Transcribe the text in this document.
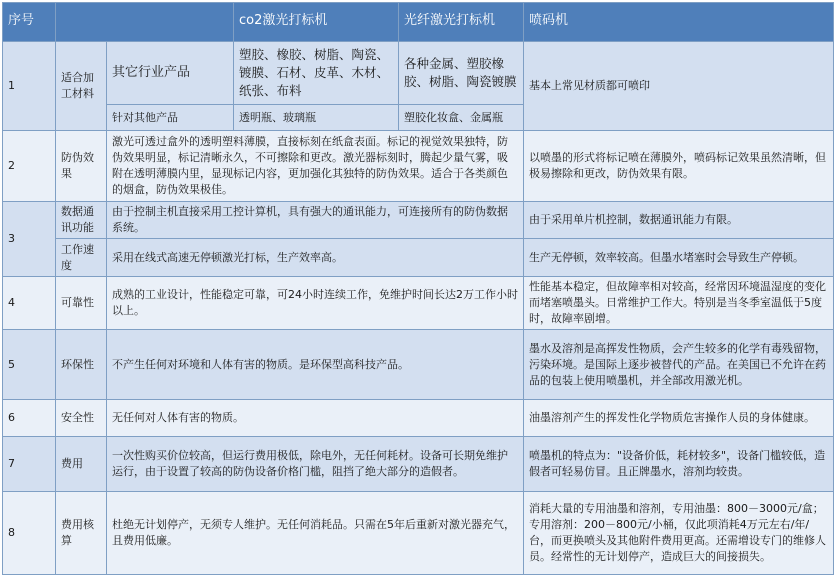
序号			co2激光打标机	光纤激光打标机	喷码机
1	适合加工材料	其它行业产品	塑胶、橡胶、树脂、陶瓷、镀膜、石材、皮革、木材、纸张、布料	各种金属、塑胶橡胶、树脂、陶瓷镀膜	基本上常见材质都可喷印
		针对其他产品	透明瓶、玻璃瓶	塑胶化妆盒、金属瓶	
2	防伪效果	激光可透过盒外的透明塑料薄膜，直接标刻在纸盒表面。标记的视觉效果独特，防伪效果明显，标记清晰永久，不可擦除和更改。激光器标刻时，腾起少量气雾，吸附在透明薄膜内里，显现标记内容，更加强化其独特的防伪效果。适合于各类颜色的烟盒，防伪效果极佳。			以喷墨的形式将标记喷在薄膜外，喷码标记效果虽然清晰，但极易擦除和更改，防伪效果有限。
3	数据通讯功能	由于控制主机直接采用工控计算机，具有强大的通讯能力，可连接所有的防伪数据系统。			由于采用单片机控制，数据通讯能力有限。
	工作速度	采用在线式高速无停顿激光打标，生产效率高。			生产无停顿，效率较高。但墨水堵塞时会导致生产停顿。
4	可靠性	成熟的工业设计，性能稳定可靠，可24小时连续工作，免维护时间长达2万工作小时以上。			性能基本稳定，但故障率相对较高，经常因环境温湿度的变化而堵塞喷墨头。日常维护工作大。特别是当冬季室温低于5度时，故障率剧增。
5	环保性	不产生任何对环境和人体有害的物质。是环保型高科技产品。			墨水及溶剂是高挥发性物质，会产生较多的化学有毒残留物，污染环境。是国际上逐步被替代的产品。在美国已不允许在药品的包装上使用喷墨机，并全部改用激光机。
6	安全性	无任何对人体有害的物质。			油墨溶剂产生的挥发性化学物质危害操作人员的身体健康。
7	费用	一次性购买价位较高，但运行费用极低，除电外，无任何耗材。设备可长期免维护运行，由于设置了较高的防伪设备价格门槛，阻挡了绝大部分的造假者。			喷墨机的特点为："设备价低，耗材较多"，设备门槛较低，造假者可轻易仿冒。且正牌墨水，溶剂均较贵。
8	费用核算	杜绝无计划停产，无须专人维护。无任何消耗品。只需在5年后重新对激光器充气，且费用低廉。			消耗大量的专用油墨和溶剂，专用油墨：800－3000元/盒；专用溶剂：200－800元/小桶，仅此项消耗4万元左右/年/台，而更换喷头及其他附件费用更高。还需增设专门的维修人员。经常性的无计划停产，造成巨大的间接损失。
